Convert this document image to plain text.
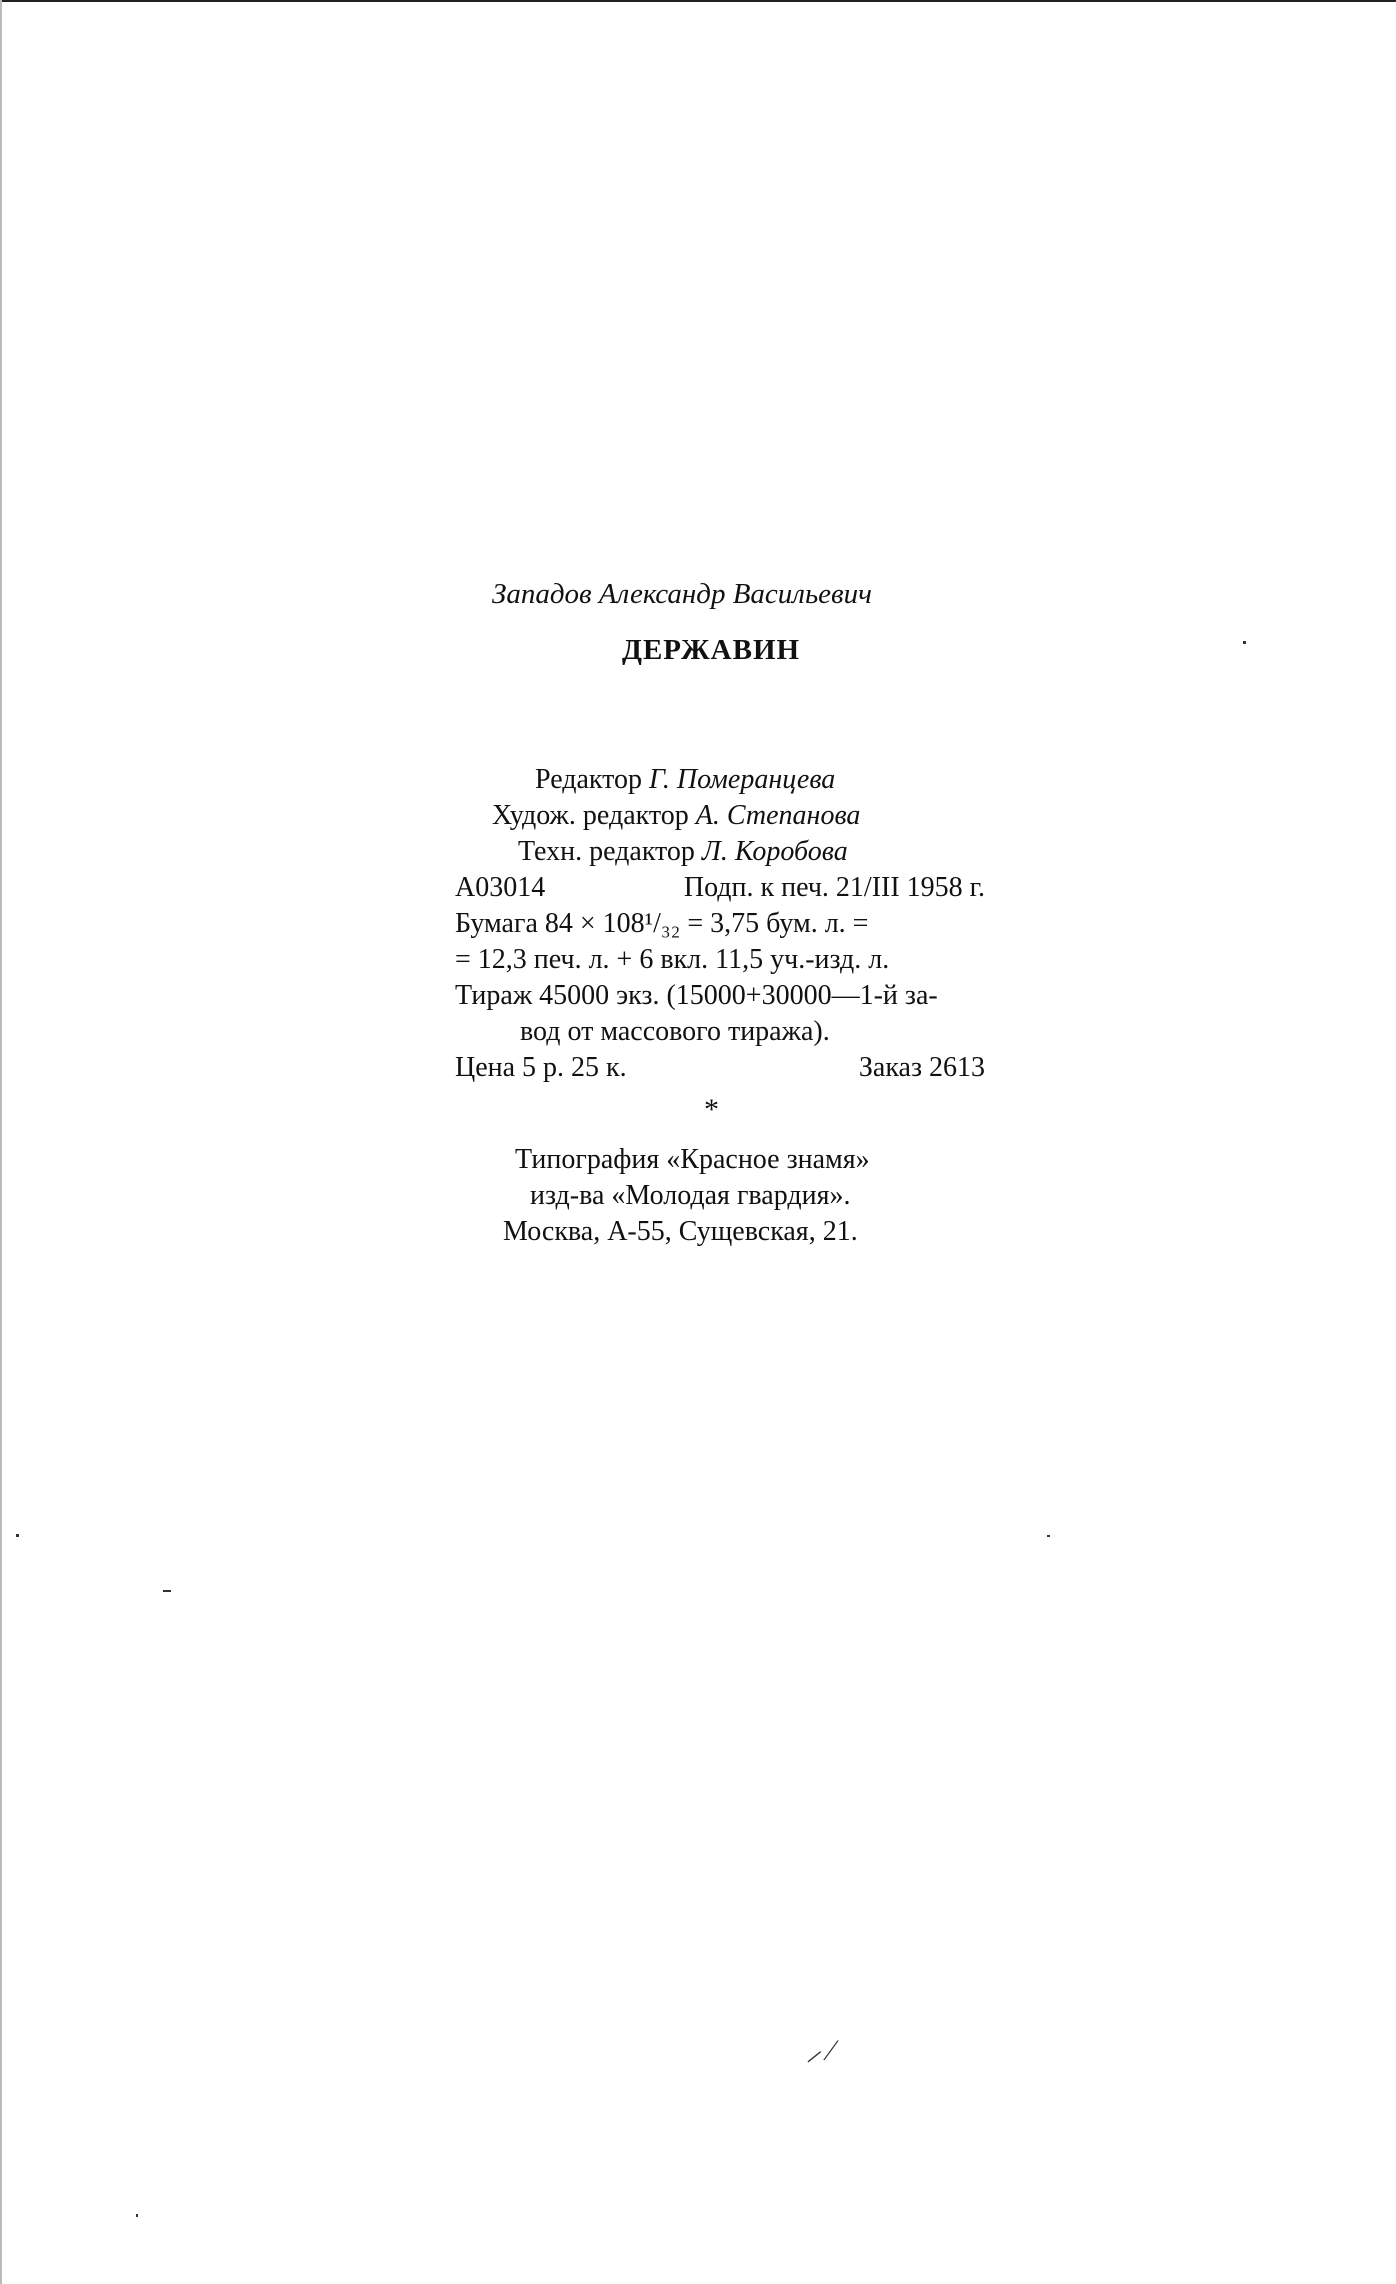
Западов Александр Васильевич
ДЕРЖАВИН
Редактор Г. Померанцева
Худож. редактор А. Степанова
Техн. редактор Л. Коробова
А03014	Подп. к печ. 21/III 1958 г.
Бумага 84 × 108¹/₃₂ = 3,75 бум. л. =
= 12,3 печ. л. + 6 вкл. 11,5 уч.-изд. л.
Тираж 45000 экз. (15000+30000—1-й за-
вод от массового тиража).
Цена 5 р. 25 к.	Заказ 2613
*
Типография «Красное знамя»
изд-ва «Молодая гвардия».
Москва, А-55, Сущевская, 21.
⸝ ⁄
